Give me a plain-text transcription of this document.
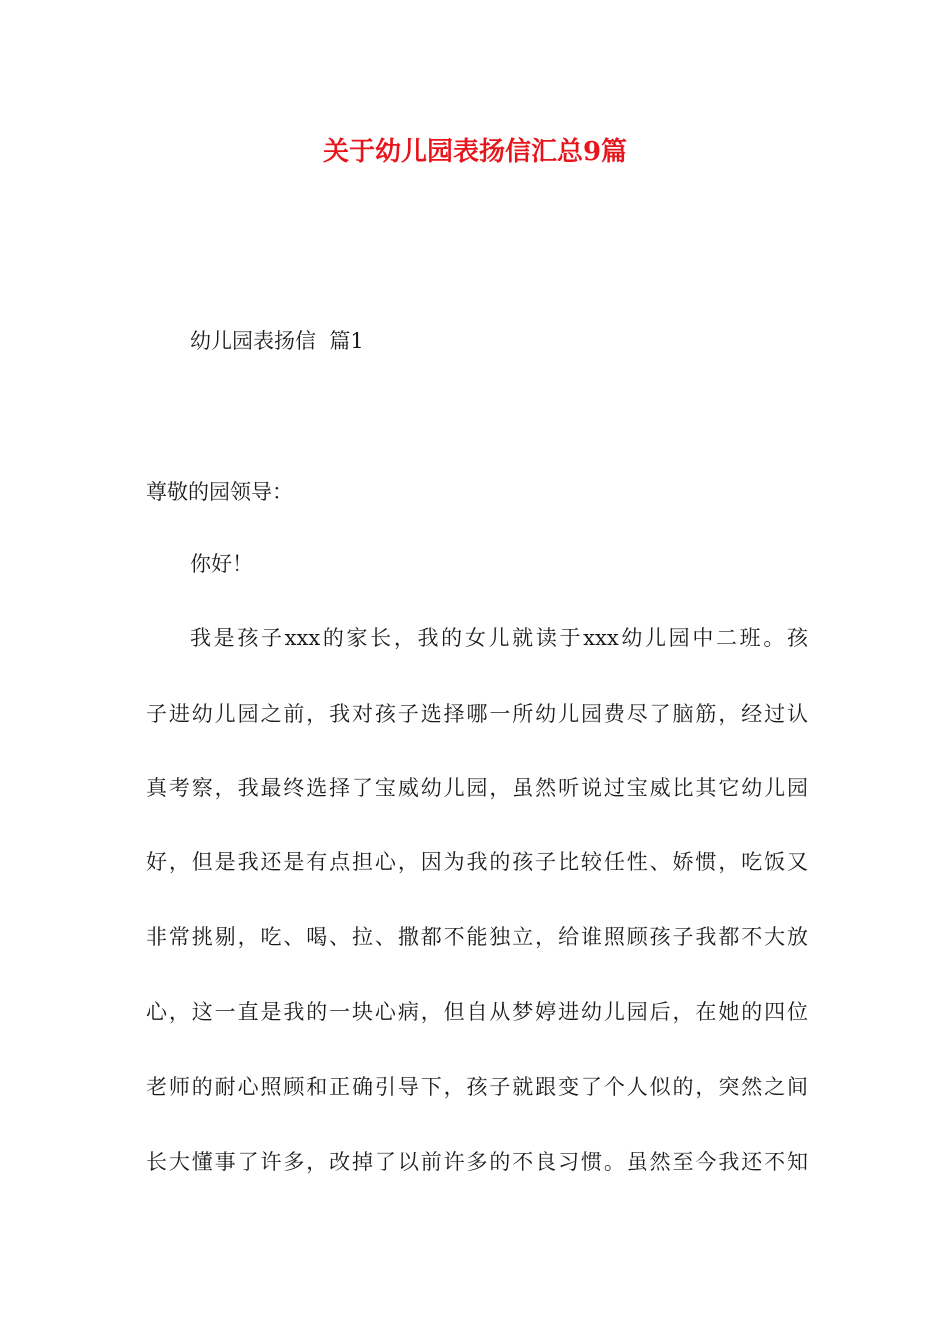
关于幼儿园表扬信汇总9篇

幼儿园表扬信  篇1

尊敬的园领导：

你好！

我是孩子xxx的家长，我的女儿就读于xxx幼儿园中二班。孩

子进幼儿园之前，我对孩子选择哪一所幼儿园费尽了脑筋，经过认

真考察，我最终选择了宝威幼儿园，虽然听说过宝威比其它幼儿园

好，但是我还是有点担心，因为我的孩子比较任性、娇惯，吃饭又

非常挑剔，吃、喝、拉、撒都不能独立，给谁照顾孩子我都不大放

心，这一直是我的一块心病，但自从梦婷进幼儿园后，在她的四位

老师的耐心照顾和正确引导下，孩子就跟变了个人似的，突然之间

长大懂事了许多，改掉了以前许多的不良习惯。虽然至今我还不知
